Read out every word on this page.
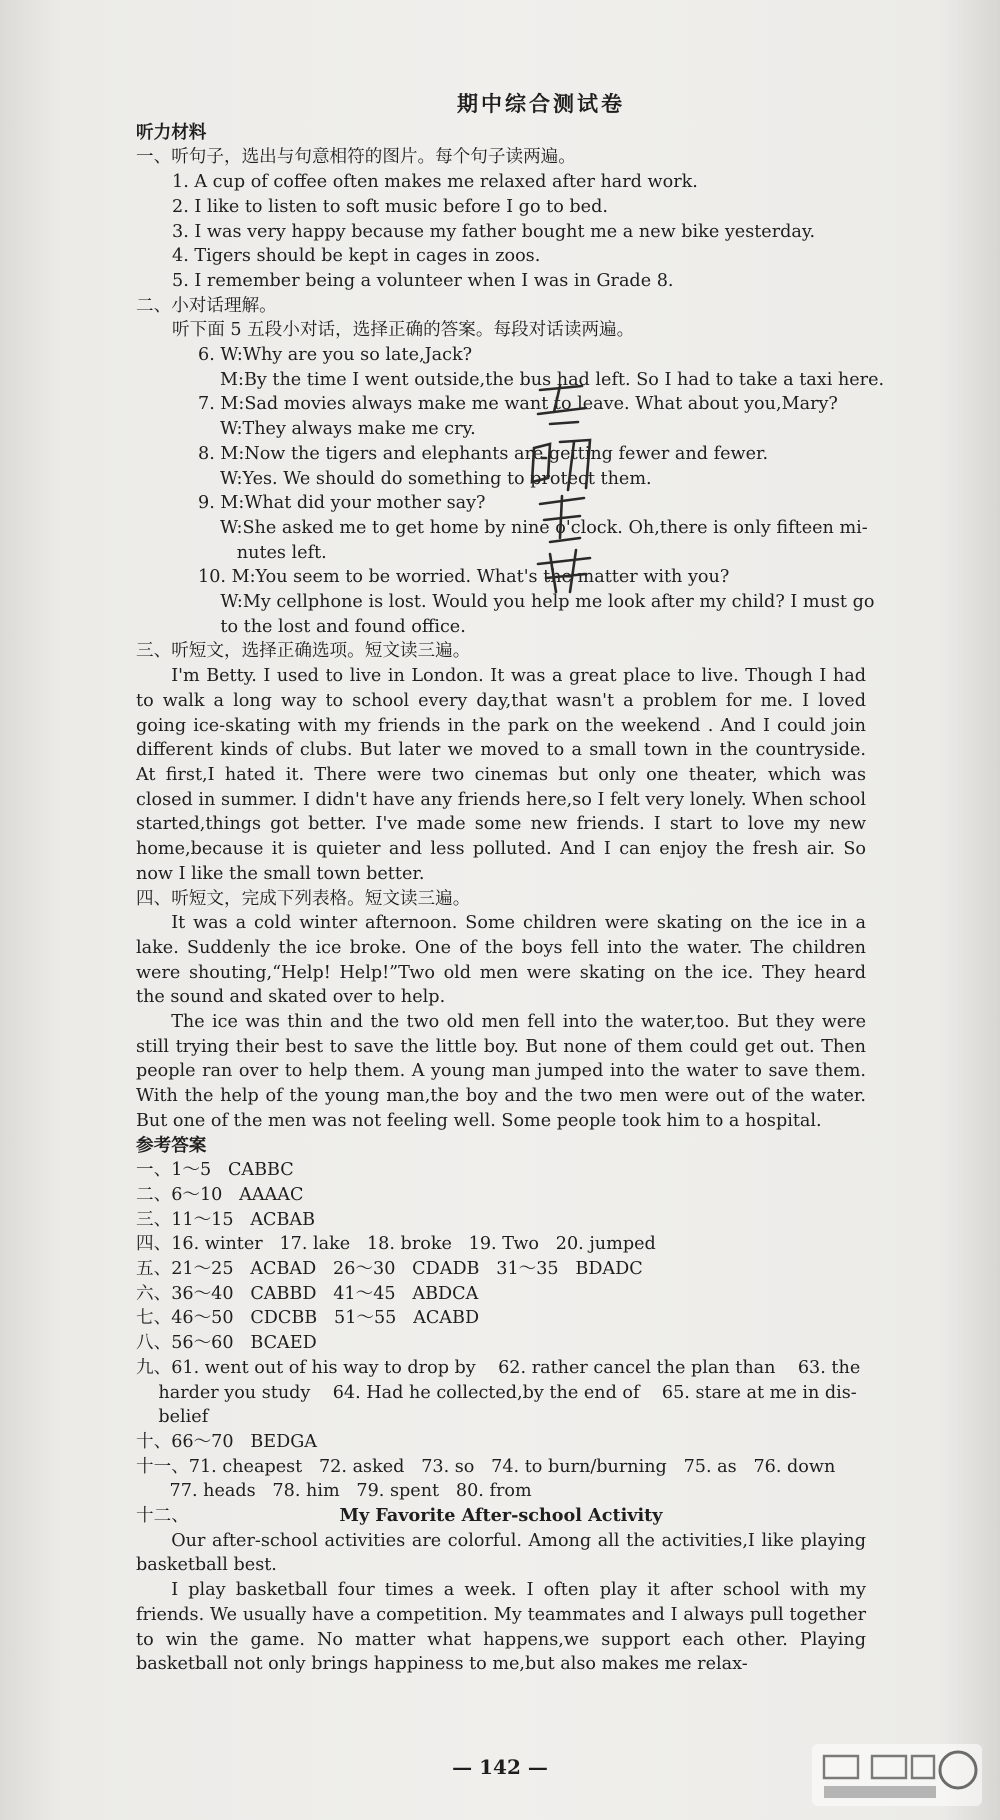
期中综合测试卷
听力材料
一、听句子，选出与句意相符的图片。每个句子读两遍。
1. A cup of coffee often makes me relaxed after hard work.
2. I like to listen to soft music before I go to bed.
3. I was very happy because my father bought me a new bike yesterday.
4. Tigers should be kept in cages in zoos.
5. I remember being a volunteer when I was in Grade 8.
二、小对话理解。
听下面 5 五段小对话，选择正确的答案。每段对话读两遍。
6. W:Why are you so late,Jack?
M:By the time I went outside,the bus had left. So I had to take a taxi here.
7. M:Sad movies always make me want to leave. What about you,Mary?
W:They always make me cry.
8. M:Now the tigers and elephants are getting fewer and fewer.
W:Yes. We should do something to protect them.
9. M:What did your mother say?
W:She asked me to get home by nine o'clock. Oh,there is only fifteen mi-
nutes left.
10. M:You seem to be worried. What's the matter with you?
W:My cellphone is lost. Would you help me look after my child? I must go
to the lost and found office.
三、听短文，选择正确选项。短文读三遍。

I'm Betty. I used to live in London. It was a great place to live. Though I had to walk a long way to school every day,that wasn't a problem for me. I loved going ice-skating with my friends in the park on the weekend . And I could join different kinds of clubs. But later we moved to a small town in the countryside. At first,I hated it. There were two cinemas but only one theater, which was closed in summer. I didn't have any friends here,so I felt very lonely. When school started,things got better. I've made some new friends. I start to love my new home,because it is quieter and less polluted. And I can enjoy the fresh air. So now I like the small town better.

四、听短文，完成下列表格。短文读三遍。

It was a cold winter afternoon. Some children were skating on the ice in a lake. Suddenly the ice broke. One of the boys fell into the water. The children were shouting,“Help! Help!”Two old men were skating on the ice. They heard the sound and skated over to help.

The ice was thin and the two old men fell into the water,too. But they were still trying their best to save the little boy. But none of them could get out. Then people ran over to help them. A young man jumped into the water to save them. With the help of the young man,the boy and the two men were out of the water. But one of the men was not feeling well. Some people took him to a hospital.

参考答案
一、1～5   CABBC
二、6～10   AAAAC
三、11～15   ACBAB
四、16. winter   17. lake   18. broke   19. Two   20. jumped
五、21～25   ACBAD   26～30   CDADB   31～35   BDADC
六、36～40   CABBD   41～45   ABDCA
七、46～50   CDCBB   51～55   ACABD
八、56～60   BCAED
九、61. went out of his way to drop by    62. rather cancel the plan than    63. the
harder you study    64. Had he collected,by the end of    65. stare at me in dis-
belief
十、66～70   BEDGA
十一、71. cheapest   72. asked   73. so   74. to burn/burning   75. as   76. down
77. heads   78. him   79. spent   80. from
十二、	My Favorite After-school Activity

Our after-school activities are colorful. Among all the activities,I like playing basketball best.

I play basketball four times a week. I often play it after school with my friends. We usually have a competition. My teammates and I always pull together to win the game. No matter what happens,we support each other. Playing basketball not only brings happiness to me,but also makes me relax-

— 142 —
